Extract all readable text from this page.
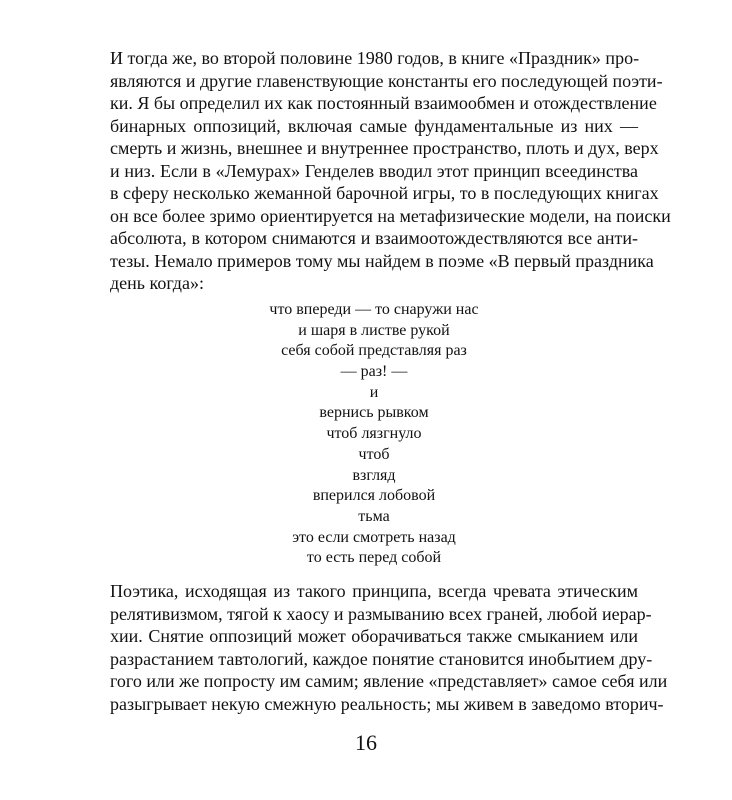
И тогда же, во второй половине 1980 годов, в книге «Праздник» про-
являются и другие главенствующие константы его последующей поэти-
ки. Я бы определил их как постоянный взаимообмен и отождествление
бинарных оппозиций, включая самые фундаментальные из них —
смерть и жизнь, внешнее и внутреннее пространство, плоть и дух, верх
и низ. Если в «Лемурах» Генделев вводил этот принцип всеединства
в сферу несколько жеманной барочной игры, то в последующих книгах
он все более зримо ориентируется на метафизические модели, на поиски
абсолюта, в котором снимаются и взаимоотождествляются все анти-
тезы. Немало примеров тому мы найдем в поэме «В первый праздника
день когда»:
что впереди — то снаружи нас
и шаря в листве рукой
себя собой представляя раз
— раз! —
и
вернись рывком
чтоб лязгнуло
чтоб
взгляд
вперился лобовой
тьма
это если смотреть назад
то есть перед собой
Поэтика, исходящая из такого принципа, всегда чревата этическим
релятивизмом, тягой к хаосу и размыванию всех граней, любой иерар-
хии. Снятие оппозиций может оборачиваться также смыканием или
разрастанием тавтологий, каждое понятие становится инобытием дру-
гого или же попросту им самим; явление «представляет» самое себя или
разыгрывает некую смежную реальность; мы живем в заведомо вторич-
16
